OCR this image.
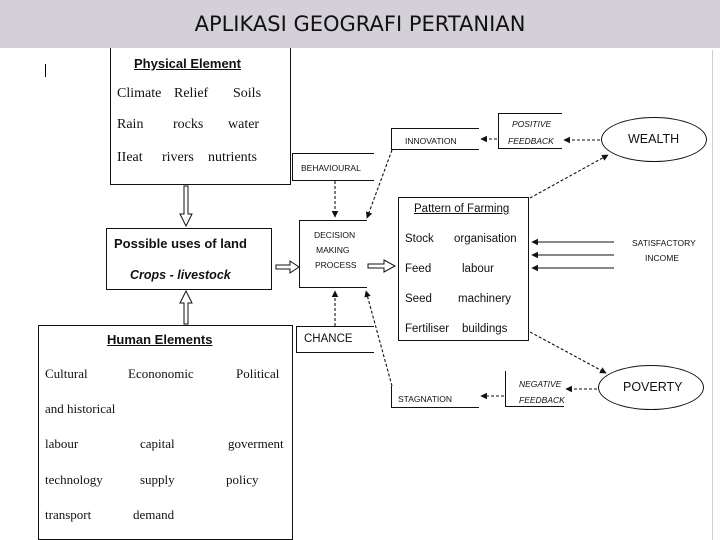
APLIKASI GEOGRAFI PERTANIAN
Physical Element
Climate Relief Soils
Rain rocks water
IIeat rivers nutrients
Possible uses of land
Crops - livestock
Human Elements
Cultural	Econonomic	Political
and historical
labour	capital	goverment
technology	supply	policy
transport	demand
BEHAVIOURAL
CHANCE
DECISION
MAKING
PROCESS
Pattern of Farming
Stock organisation
Feed	labour
Seed machinery
Fertiliser buildings
INNOVATION
POSITIVE
FEEDBACK
STAGNATION
NEGATIVE
FEEDBACK
WEALTH
SATISFACTORY
INCOME
POVERTY
